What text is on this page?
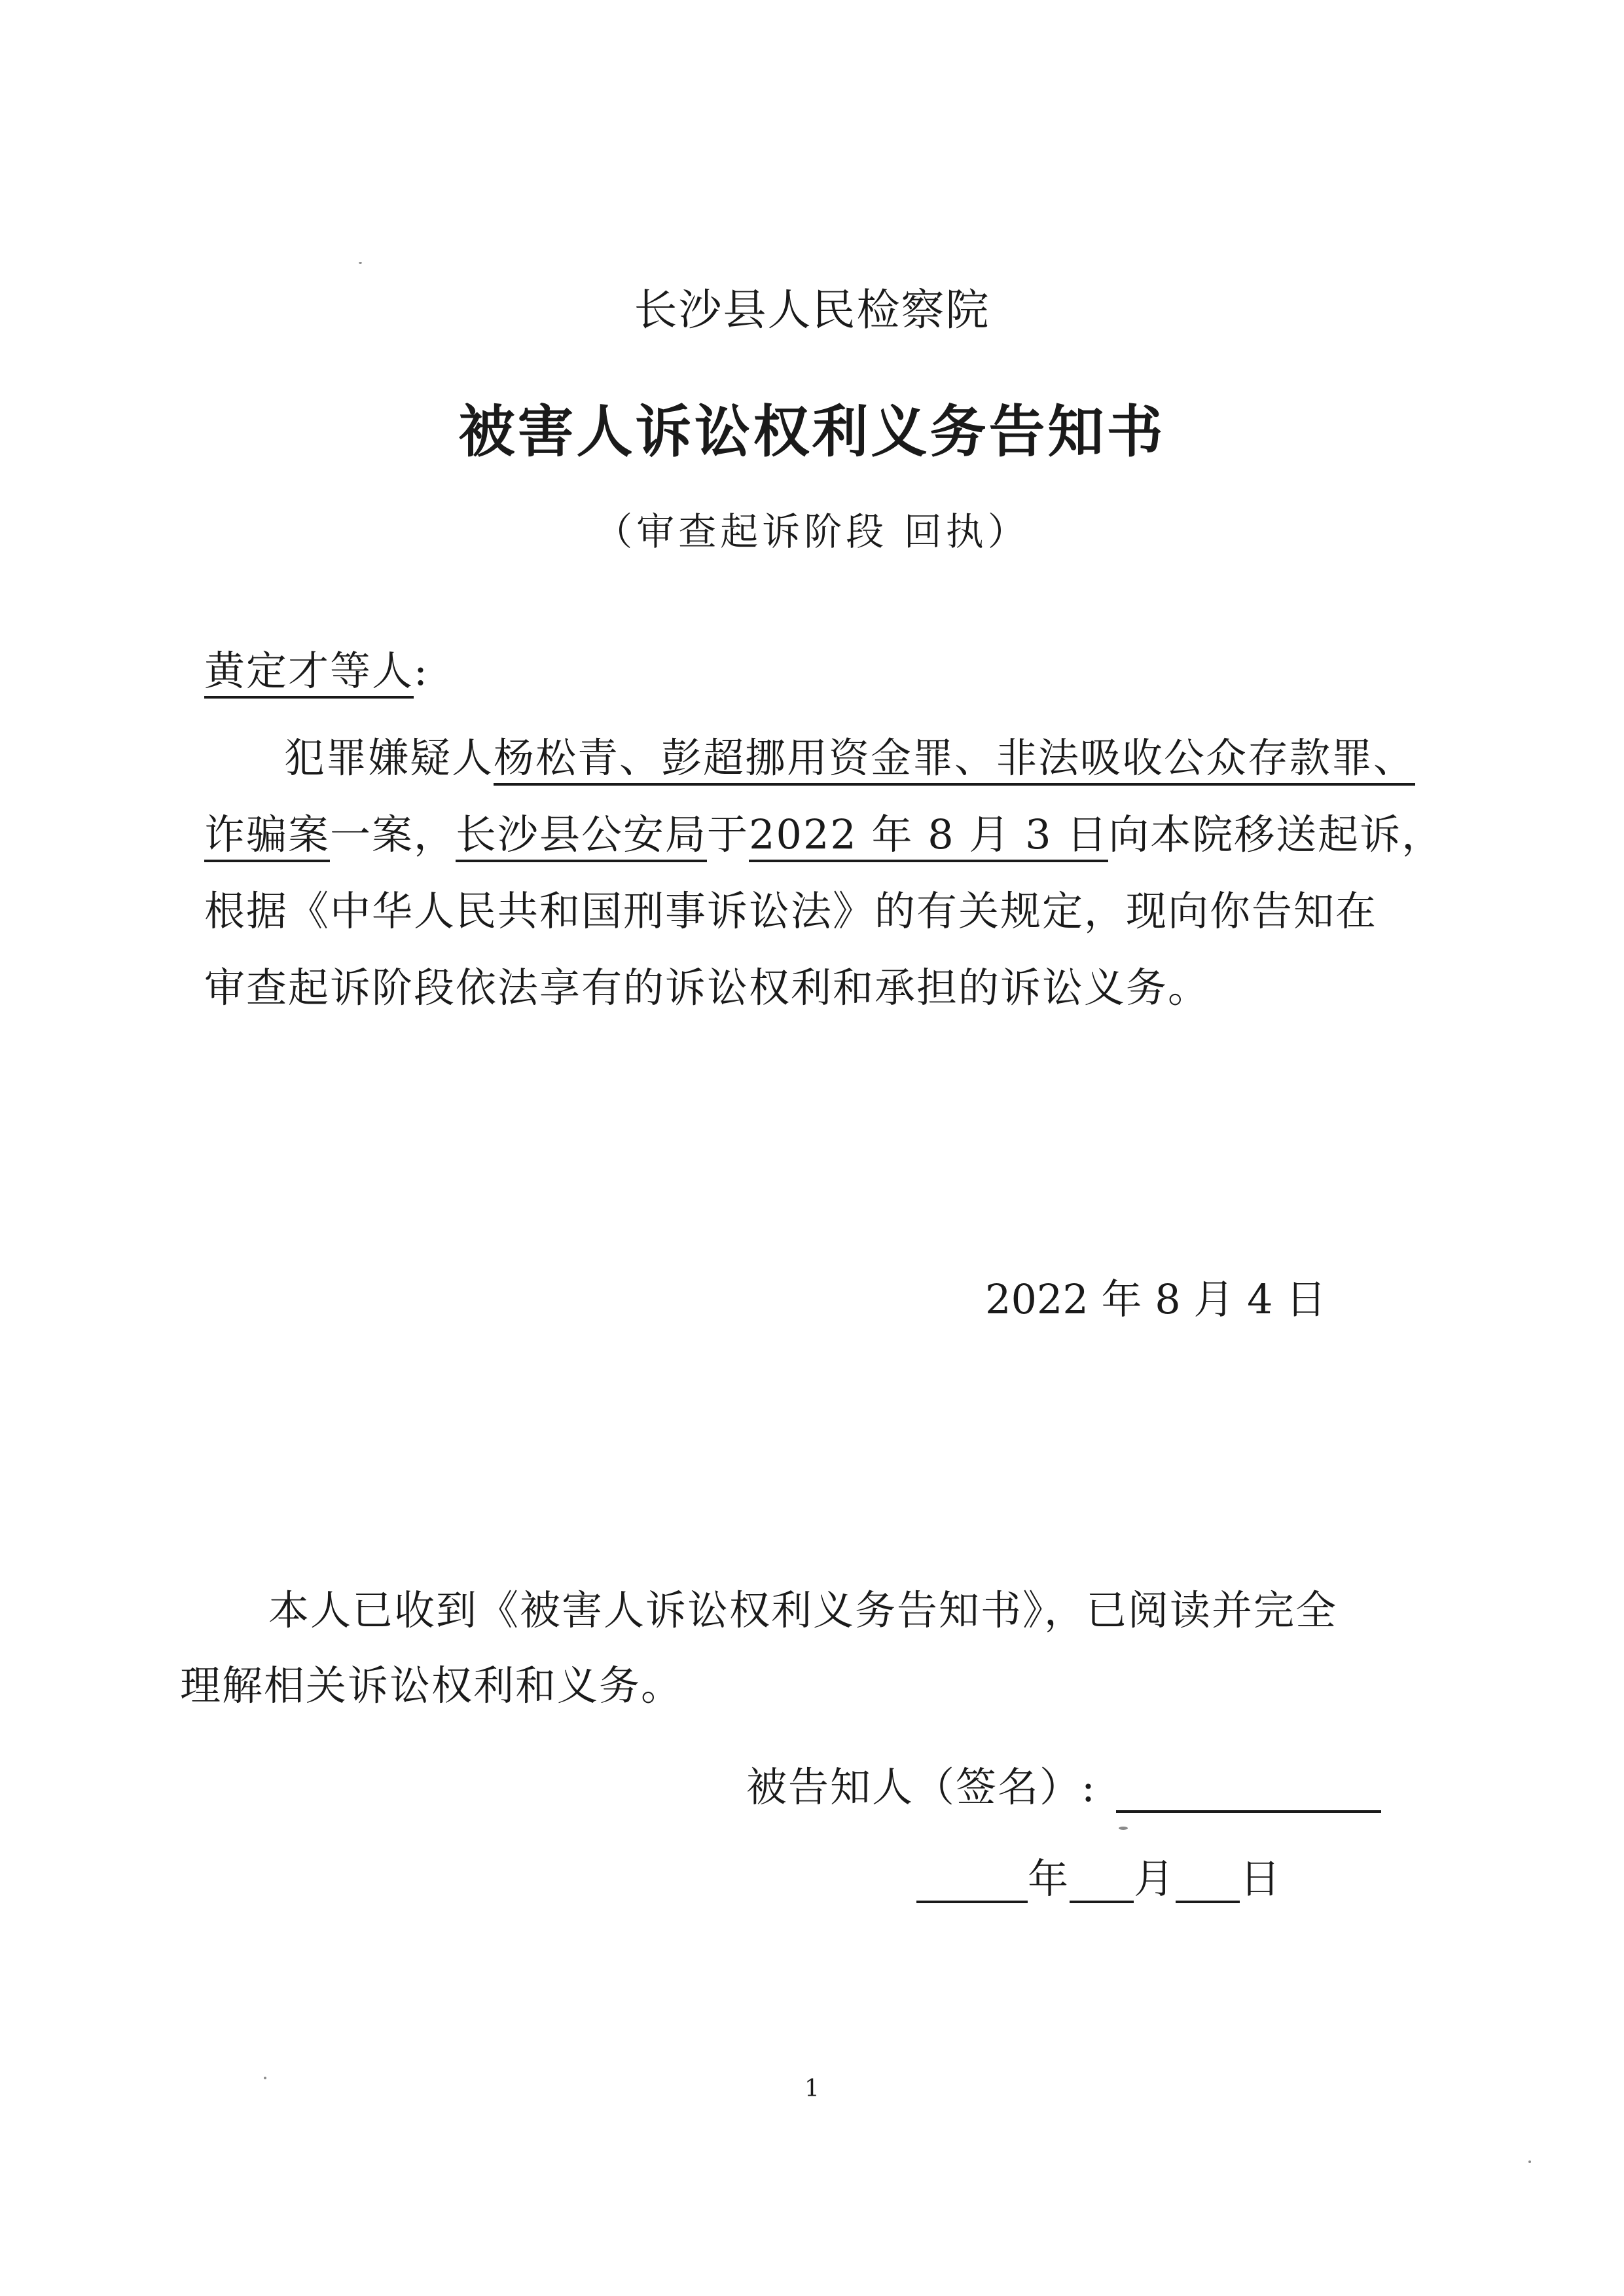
长沙县人民检察院
被害人诉讼权利义务告知书
（审查起诉阶段 回执）
黄定才等人:
犯罪嫌疑人杨松青、彭超挪用资金罪、非法吸收公众存款罪、
诈骗案一案，长沙县公安局于2022 年 8 月 3 日向本院移送起诉，
根据《中华人民共和国刑事诉讼法》的有关规定，现向你告知在
审查起诉阶段依法享有的诉讼权利和承担的诉讼义务。
2022 年 8 月 4 日
本人已收到《被害人诉讼权利义务告知书》，已阅读并完全
理解相关诉讼权利和义务。
被告知人（签名）:
年 月 日
1
